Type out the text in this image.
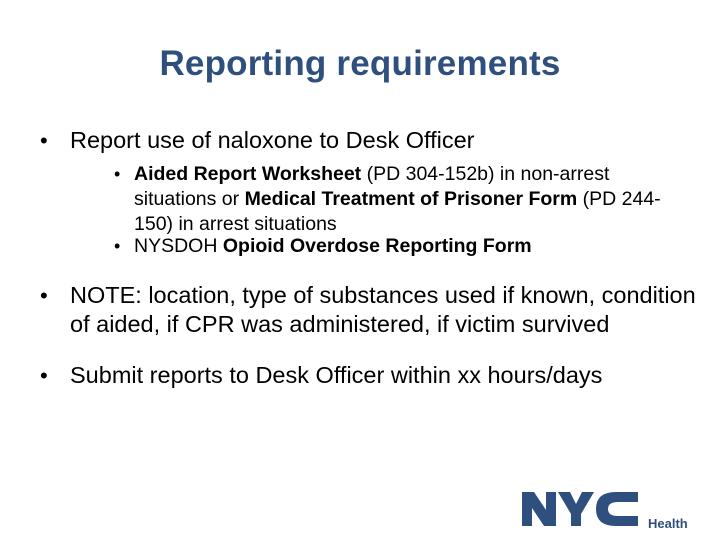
Reporting requirements
• Report use of naloxone to Desk Officer
• Aided Report Worksheet (PD 304-152b) in non-arrest situations or Medical Treatment of Prisoner Form (PD 244-150) in arrest situations
• NYSDOH Opioid Overdose Reporting Form
• NOTE: location, type of substances used if known, condition of aided, if CPR was administered, if victim survived
• Submit reports to Desk Officer within xx hours/days
Health
